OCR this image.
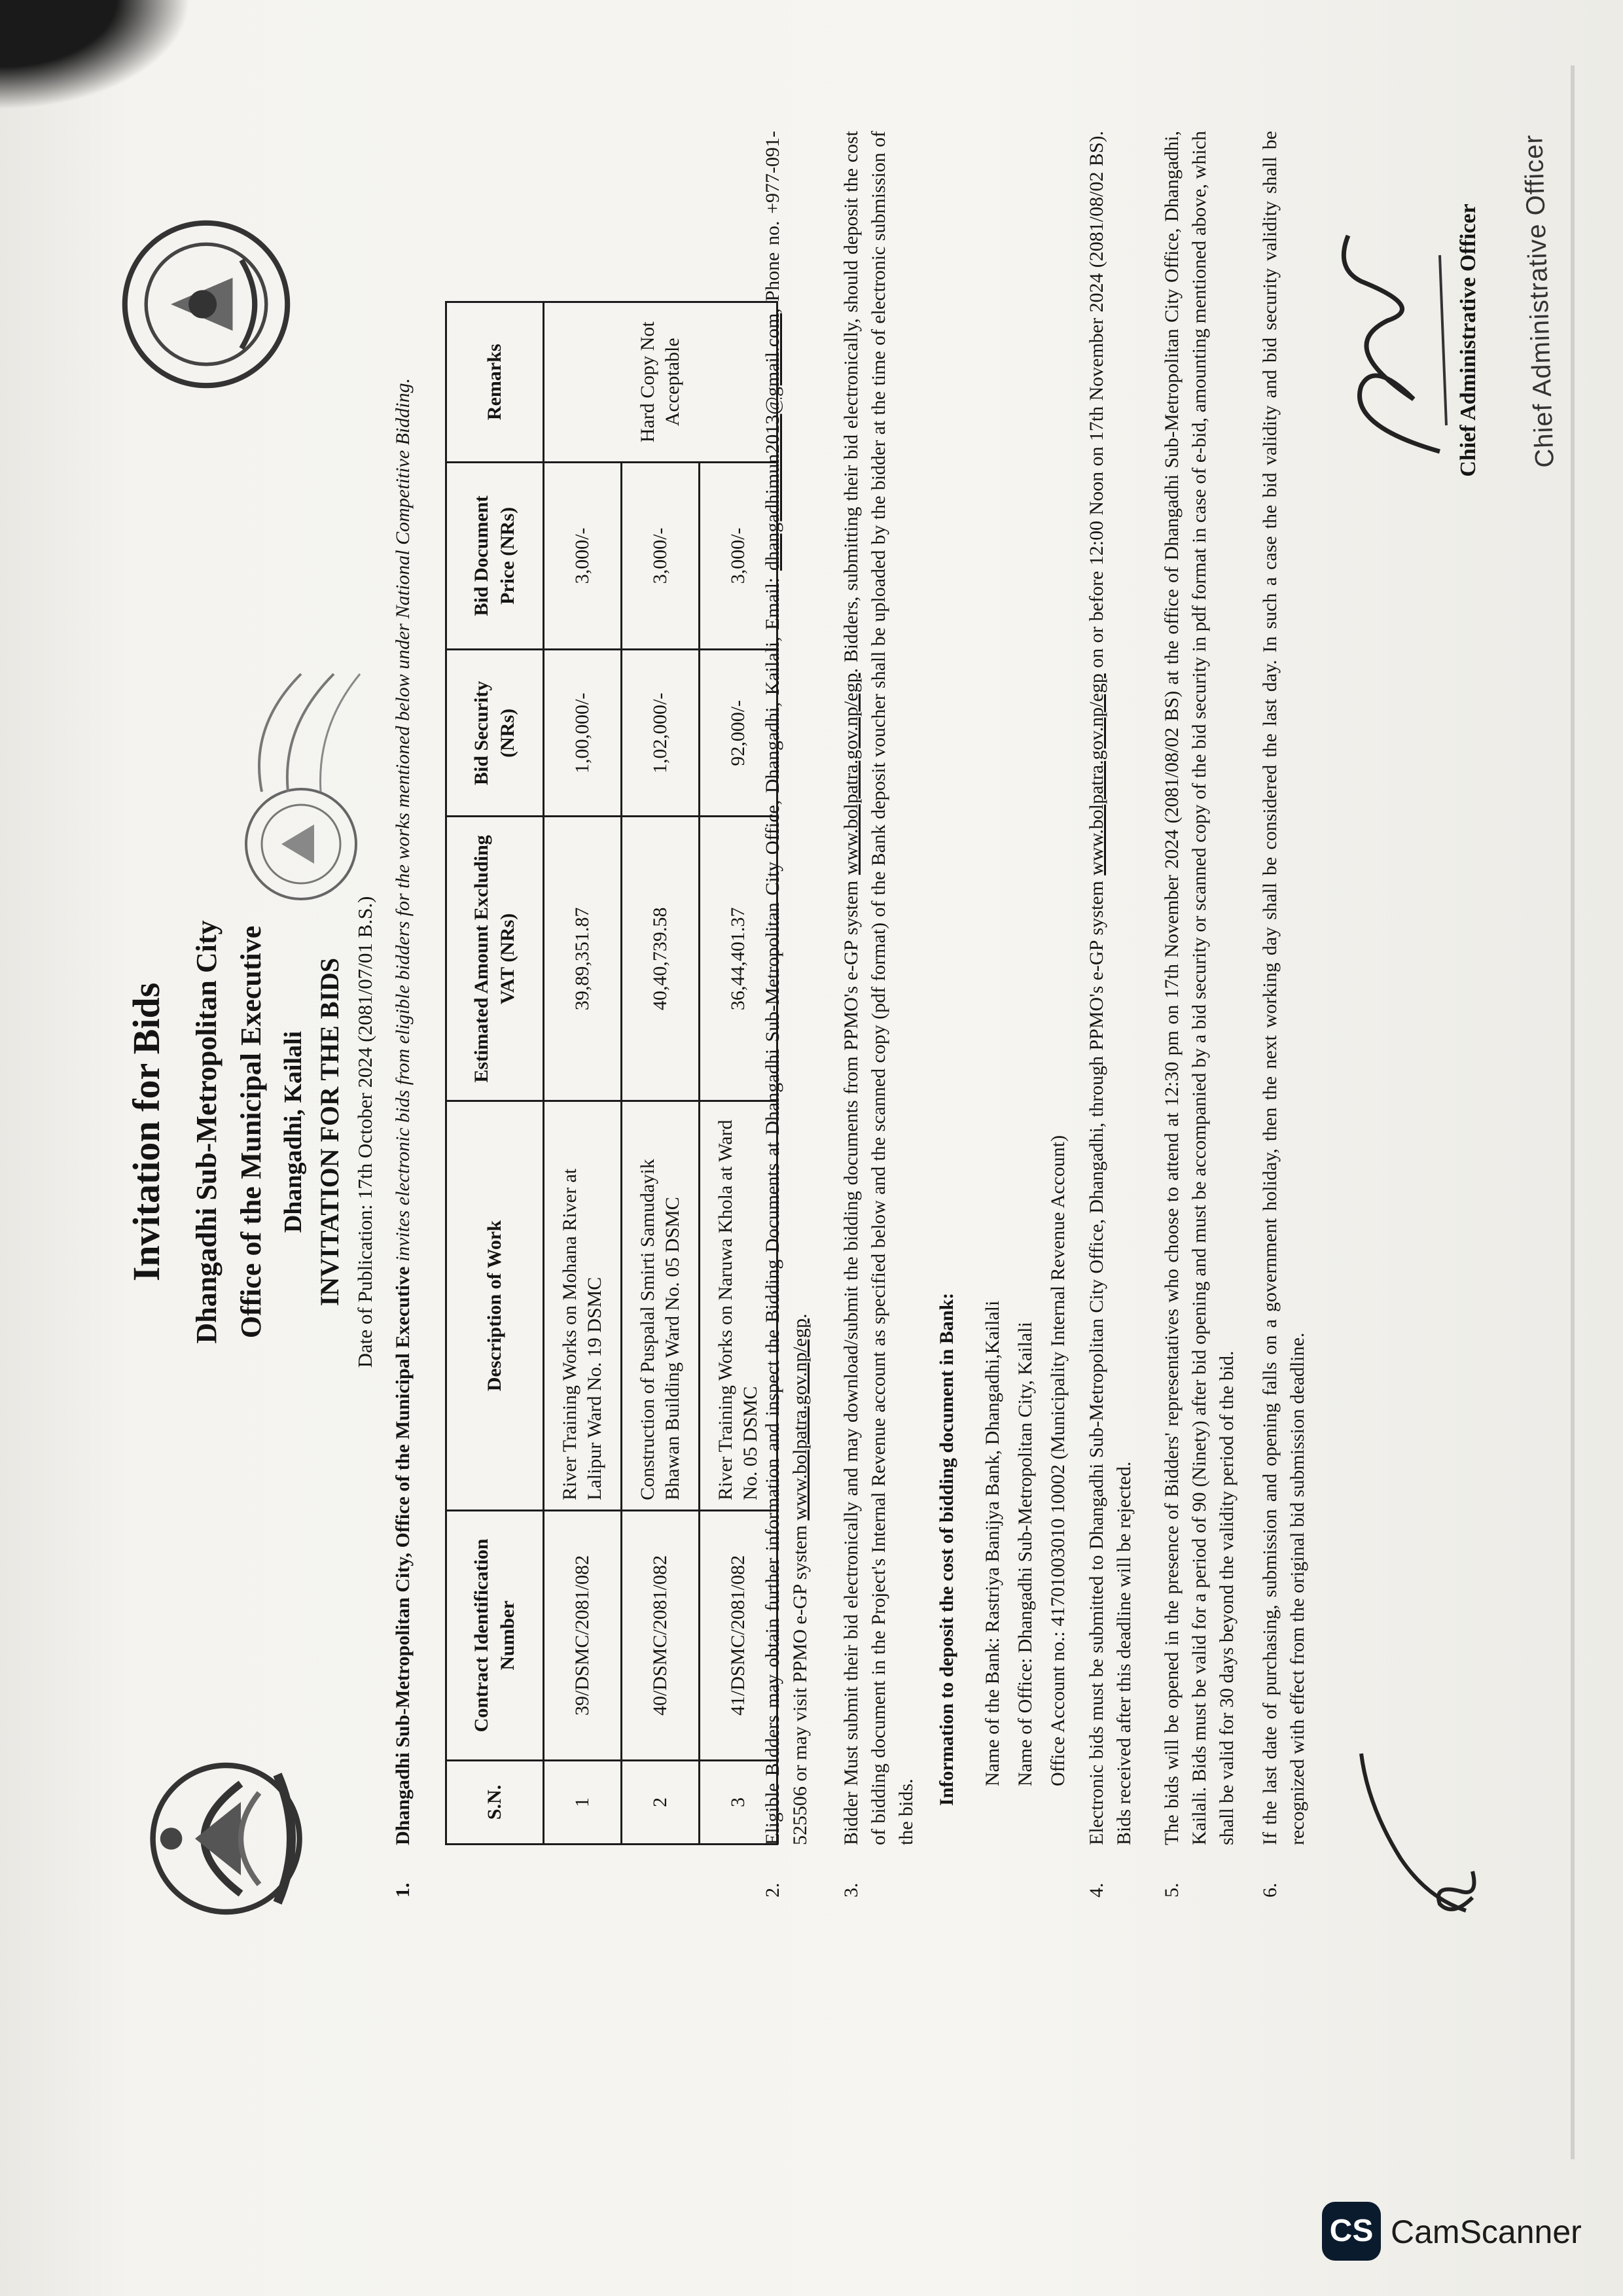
Invitation for Bids Dhangadhi Sub-Metropolitan City Office of the Municipal Executive Dhangadhi, Kailali INVITATION FOR THE BIDS Date of Publication: 17th October 2024 (2081/07/01 B.S.)
1.
Dhangadhi Sub-Metropolitan City, Office of the Municipal Executive invites electronic bids from eligible bidders for the works mentioned below under National Competitive Bidding.
S.N.	Contract Identification Number	Description of Work	Estimated Amount Excluding VAT (NRs)	Bid Security (NRs)	Bid Document Price (NRs)	Remarks
1	39/DSMC/2081/082	River Training Works on Mohana River at Lalipur Ward No. 19 DSMC	39,89,351.87	1,00,000/-	3,000/-	Hard Copy Not Acceptable
2	40/DSMC/2081/082	Construction of Puspalal Smirti Samudayik Bhawan Building Ward No. 05 DSMC	40,40,739.58	1,02,000/-	3,000/-	
3	41/DSMC/2081/082	River Training Works on Naruwa Khola at Ward No. 05 DSMC	36,44,401.37	92,000/-	3,000/-	
2.
Eligible Bidders may obtain further information and inspect the Bidding Documents at Dhangadhi Sub-Metropolitan City Office, Dhangadhi, Kailali, Email: dhangadhimun2013@gmail.com, Phone no. +977-091-525506 or may visit PPMO e-GP system www.bolpatra.gov.np/egp.
3.
Bidder Must submit their bid electronically and may download/submit the bidding documents from PPMO's e-GP system www.bolpatra.gov.np/egp. Bidders, submitting their bid electronically, should deposit the cost of bidding document in the Project's Internal Revenue account as specified below and the scanned copy (pdf format) of the Bank deposit voucher shall be uploaded by the bidder at the time of electronic submission of the bids.
Information to deposit the cost of bidding document in Bank: Name of the Bank: Rastriya Banijya Bank, Dhangadhi,Kailali Name of Office: Dhangadhi Sub-Metropolitan City, Kailali Office Account no.: 41701003010 10002 (Municipality Internal Revenue Account)
4.
Electronic bids must be submitted to Dhangadhi Sub-Metropolitan City Office, Dhangadhi, through PPMO's e-GP system www.bolpatra.gov.np/egp on or before 12:00 Noon on 17th November 2024 (2081/08/02 BS). Bids received after this deadline will be rejected.
5.
The bids will be opened in the presence of Bidders' representatives who choose to attend at 12:30 pm on 17th November 2024 (2081/08/02 BS) at the office of Dhangadhi Sub-Metropolitan City Office, Dhangadhi, Kailali. Bids must be valid for a period of 90 (Ninety) after bid opening and must be accompanied by a bid security or scanned copy of the bid security in pdf format in case of e-bid, amounting mentioned above, which shall be valid for 30 days beyond the validity period of the bid.
6.
If the last date of purchasing, submission and opening falls on a government holiday, then the next working day shall be considered the last day. In such a case the bid validity and bid security validity shall be recognized with effect from the original bid submission deadline.
Chief Administrative Officer Chief Administrative Officer
CS CamScanner
